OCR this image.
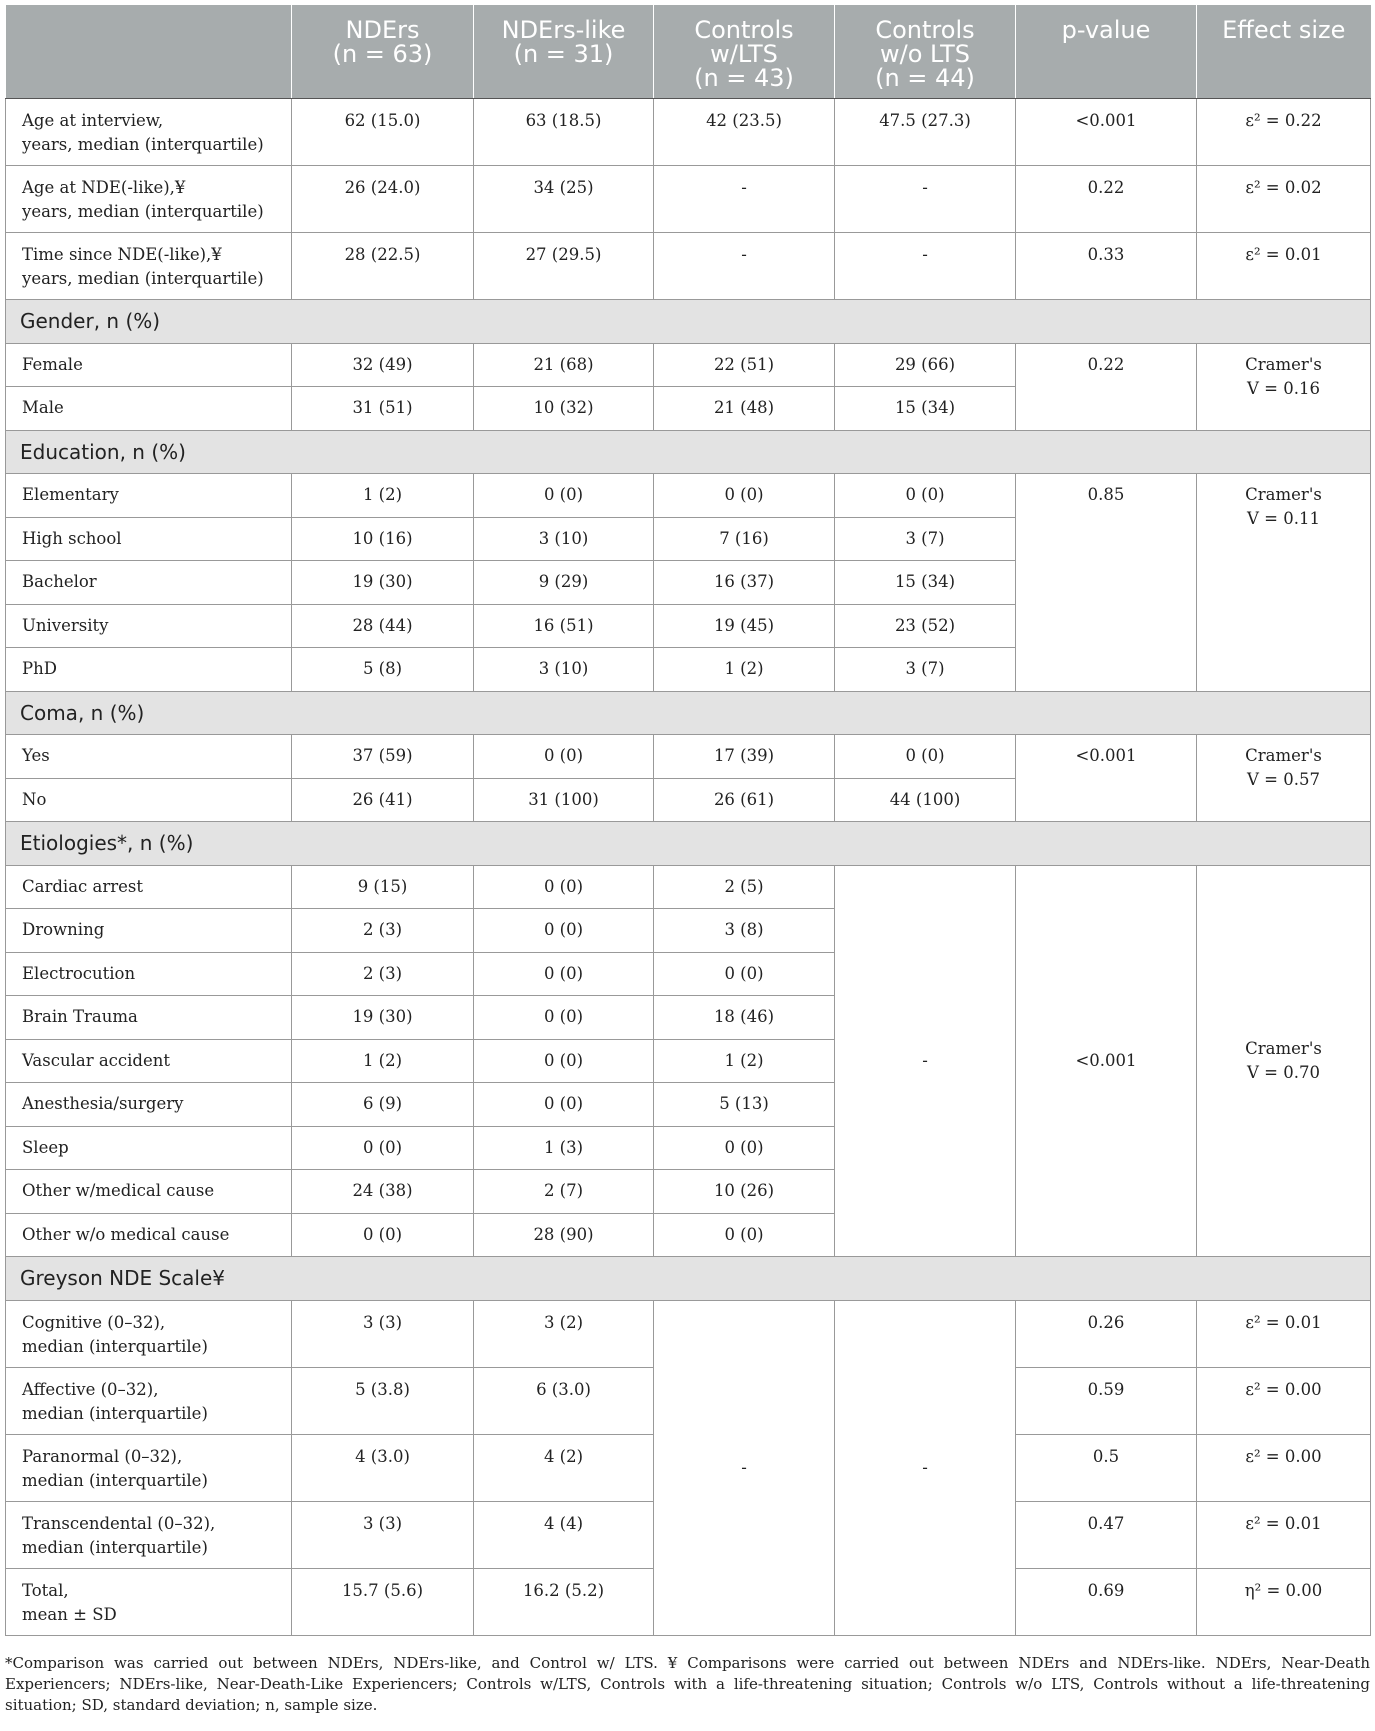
	NDErs
(n = 63)	NDErs-like
(n = 31)	Controls
w/LTS
(n = 43)	Controls
w/o LTS
(n = 44)	p-value	Effect size

Age at interview,
years, median (interquartile)	62 (15.0)	63 (18.5)	42 (23.5)	47.5 (27.3)	<0.001	ε² = 0.22

Age at NDE(-like),¥
years, median (interquartile)	26 (24.0)	34 (25)	-	-	0.22	ε² = 0.02

Time since NDE(-like),¥
years, median (interquartile)	28 (22.5)	27 (29.5)	-	-	0.33	ε² = 0.01
Gender, n (%)						
Female	32 (49)	21 (68)	22 (51)	29 (66)	0.22	Cramer's
V = 0.16

Male	31 (51)	10 (32)	21 (48)	15 (34)		
Education, n (%)						
Elementary	1 (2)	0 (0)	0 (0)	0 (0)	0.85	Cramer's
V = 0.11

High school	10 (16)	3 (10)	7 (16)	3 (7)		
Bachelor	19 (30)	9 (29)	16 (37)	15 (34)		
University	28 (44)	16 (51)	19 (45)	23 (52)		
PhD	5 (8)	3 (10)	1 (2)	3 (7)		
Coma, n (%)						
Yes	37 (59)	0 (0)	17 (39)	0 (0)	<0.001	Cramer's
V = 0.57

No	26 (41)	31 (100)	26 (61)	44 (100)		
Etiologies*, n (%)						
Cardiac arrest	9 (15)	0 (0)	2 (5)	-	<0.001	Cramer's
V = 0.70

Drowning	2 (3)	0 (0)	3 (8)			
Electrocution	2 (3)	0 (0)	0 (0)			
Brain Trauma	19 (30)	0 (0)	18 (46)			
Vascular accident	1 (2)	0 (0)	1 (2)			
Anesthesia/surgery	6 (9)	0 (0)	5 (13)			
Sleep	0 (0)	1 (3)	0 (0)			
Other w/medical cause	24 (38)	2 (7)	10 (26)			
Other w/o medical cause	0 (0)	28 (90)	0 (0)			
Greyson NDE Scale¥						

Cognitive (0–32),
median (interquartile)	3 (3)	3 (2)	-	-	0.26	ε² = 0.01

Affective (0–32),
median (interquartile)	5 (3.8)	6 (3.0)			0.59	ε² = 0.00

Paranormal (0–32),
median (interquartile)	4 (3.0)	4 (2)			0.5	ε² = 0.00

Transcendental (0–32),
median (interquartile)	3 (3)	4 (4)			0.47	ε² = 0.01

Total,
mean ± SD	15.7 (5.6)	16.2 (5.2)			0.69	η² = 0.00
*Comparison was carried out between NDErs, NDErs-like, and Control w/ LTS. ¥ Comparisons were carried out between NDErs and NDErs-like. NDErs, Near-Death Experiencers; NDErs-like, Near-Death-Like Experiencers; Controls w/LTS, Controls with a life-threatening situation; Controls w/o LTS, Controls without a life-threatening situation; SD, standard deviation; n, sample size.
